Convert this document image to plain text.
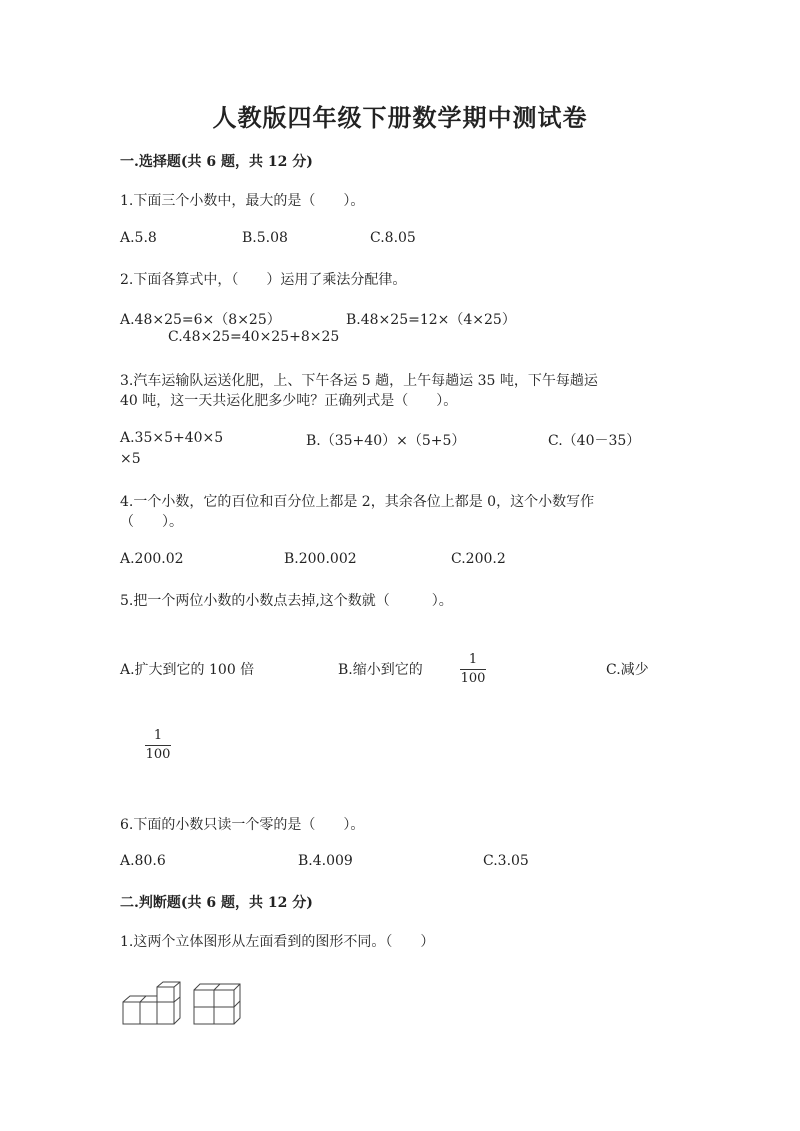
人教版四年级下册数学期中测试卷
一.选择题(共 6 题，共 12 分)
1.下面三个小数中，最大的是（　　）。
A.5.8	B.5.08	C.8.05
2.下面各算式中，（　　）运用了乘法分配律。
A.48×25=6×（8×25）	B.48×25=12×（4×25）
C.48×25=40×25+8×25
3.汽车运输队运送化肥，上、下午各运 5 趟，上午每趟运 35 吨，下午每趟运
40 吨，这一天共运化肥多少吨？正确列式是（　　）。
A.35×5+40×5	B.（35+40）×（5+5）	C.（40－35）
×5
4.一个小数，它的百位和百分位上都是 2，其余各位上都是 0，这个小数写作
（　　）。
A.200.02	B.200.002	C.200.2
5.把一个两位小数的小数点去掉,这个数就（　　　）。
A.扩大到它的 100 倍	B.缩小到它的
1
100
C.减少
1
100
6.下面的小数只读一个零的是（　　）。
A.80.6	B.4.009	C.3.05
二.判断题(共 6 题，共 12 分)
1.这两个立体图形从左面看到的图形不同。（　　）
